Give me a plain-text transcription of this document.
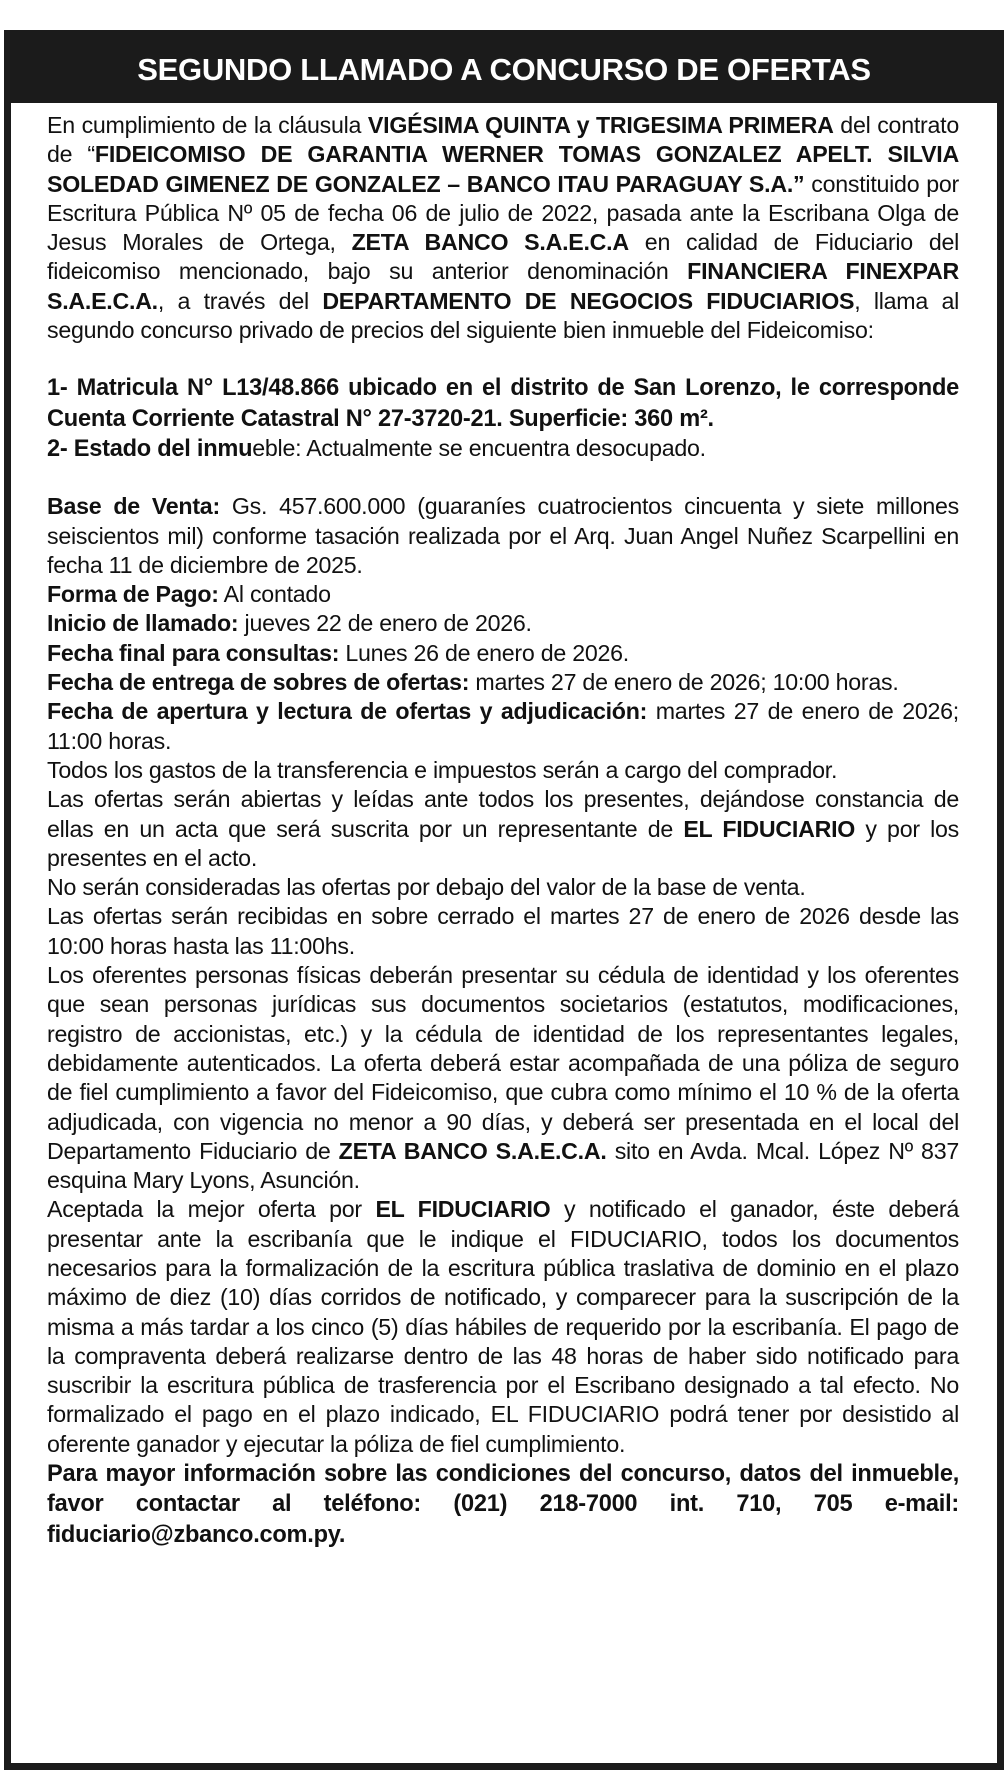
SEGUNDO LLAMADO A CONCURSO DE OFERTAS

En cumplimiento de la cláusula VIGÉSIMA QUINTA y TRIGESIMA PRIMERA del contrato de “FIDEICOMISO DE GARANTIA WERNER TOMAS GONZALEZ APELT. SILVIA SOLEDAD GIMENEZ DE GONZALEZ – BANCO ITAU PARAGUAY S.A.” constituido por Escritura Pública Nº 05 de fecha 06 de julio de 2022, pasada ante la Escribana Olga de Jesus Morales de Ortega, ZETA BANCO S.A.E.C.A en calidad de Fiduciario del fideicomiso mencionado, bajo su anterior denominación FINANCIERA FINEXPAR S.A.E.C.A., a través del DEPARTAMENTO DE NEGOCIOS FIDUCIARIOS, llama al segundo concurso privado de precios del siguiente bien inmueble del Fideicomiso:

1- Matricula N° L13/48.866 ubicado en el distrito de San Lorenzo, le corresponde Cuenta Corriente Catastral N° 27-3720-21. Superficie: 360 m².

2- Estado del inmueble: Actualmente se encuentra desocupado.

Base de Venta: Gs. 457.600.000 (guaraníes cuatrocientos cincuenta y siete millones seiscientos mil) conforme tasación realizada por el Arq. Juan Angel Nuñez Scarpellini en fecha 11 de diciembre de 2025.

Forma de Pago: Al contado

Inicio de llamado: jueves 22 de enero de 2026.

Fecha final para consultas: Lunes 26 de enero de 2026.

Fecha de entrega de sobres de ofertas: martes 27 de enero de 2026; 10:00 horas.

Fecha de apertura y lectura de ofertas y adjudicación: martes 27 de enero de 2026; 11:00 horas.

Todos los gastos de la transferencia e impuestos serán a cargo del comprador.

Las ofertas serán abiertas y leídas ante todos los presentes, dejándose constancia de ellas en un acta que será suscrita por un representante de EL FIDUCIARIO y por los presentes en el acto.

No serán consideradas las ofertas por debajo del valor de la base de venta.

Las ofertas serán recibidas en sobre cerrado el martes 27 de enero de 2026 desde las 10:00 horas hasta las 11:00hs.

Los oferentes personas físicas deberán presentar su cédula de identidad y los oferentes que sean personas jurídicas sus documentos societarios (estatutos, modificaciones, registro de accionistas, etc.) y la cédula de identidad de los representantes legales, debidamente autenticados. La oferta deberá estar acompañada de una póliza de seguro de fiel cumplimiento a favor del Fideicomiso, que cubra como mínimo el 10 % de la oferta adjudicada, con vigencia no menor a 90 días, y deberá ser presentada en el local del Departamento Fiduciario de ZETA BANCO S.A.E.C.A. sito en Avda. Mcal. López Nº 837 esquina Mary Lyons, Asunción.

Aceptada la mejor oferta por EL FIDUCIARIO y notificado el ganador, éste deberá presentar ante la escribanía que le indique el FIDUCIARIO, todos los documentos necesarios para la formalización de la escritura pública traslativa de dominio en el plazo máximo de diez (10) días corridos de notificado, y comparecer para la suscripción de la misma a más tardar a los cinco (5) días hábiles de requerido por la escribanía. El pago de la compraventa deberá realizarse dentro de las 48 horas de haber sido notificado para suscribir la escritura pública de trasferencia por el Escribano designado a tal efecto. No formalizado el pago en el plazo indicado, EL FIDUCIARIO podrá tener por desistido al oferente ganador y ejecutar la póliza de fiel cumplimiento.

Para mayor información sobre las condiciones del concurso, datos del inmueble, favor contactar al teléfono: (021) 218-7000 int. 710, 705 e-mail: fiduciario@zbanco.com.py.
